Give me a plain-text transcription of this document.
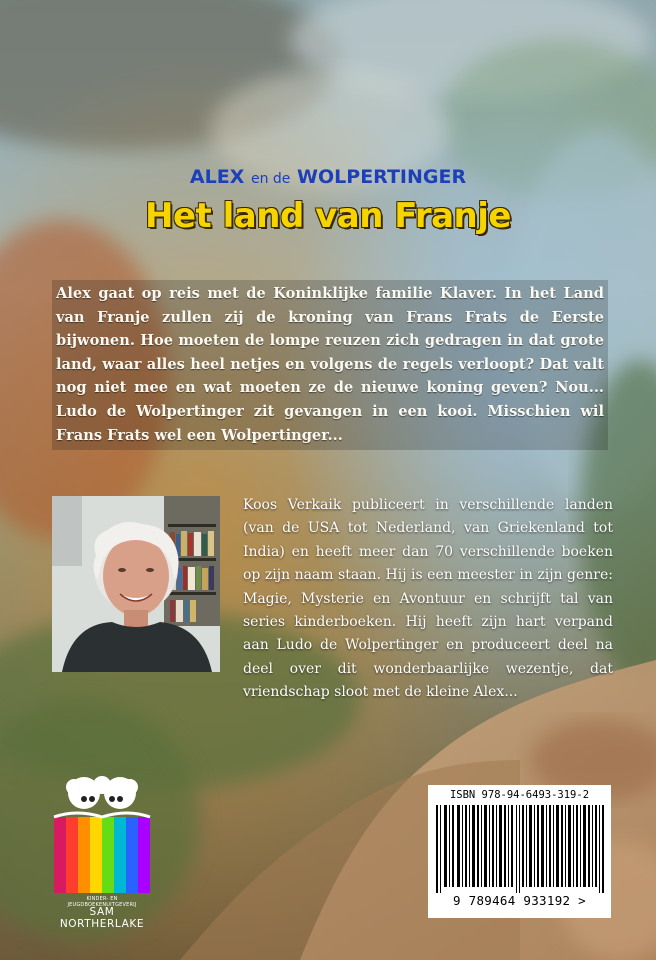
ALEX en de WOLPERTINGER
Het land van Franje
Alex gaat op reis met de Koninklijke familie Klaver. In het Land van Franje zullen zij de kroning van Frans Frats de Eerste bijwonen. Hoe moeten de lompe reuzen zich gedragen in dat grote land, waar alles heel netjes en volgens de regels verloopt? Dat valt nog niet mee en wat moeten ze de nieuwe koning geven? Nou... Ludo de Wolpertinger zit gevangen in een kooi. Misschien wil Frans Frats wel een Wolpertinger...
Koos Verkaik publiceert in verschillende landen (van de USA tot Nederland, van Griekenland tot India) en heeft meer dan 70 verschillende boeken op zijn naam staan. Hij is een meester in zijn genre: Magie, Mysterie en Avontuur en schrijft tal van series kinderboeken. Hij heeft zijn hart verpand aan Ludo de Wolpertinger en produceert deel na deel over dit wonderbaarlijke wezentje, dat vriendschap sloot met de kleine Alex...
KINDER- EN JEUGDBOEKENUITGEVERIJ
SAM NORTHERLAKE
ISBN 978-94-6493-319-2
9 789464 933192 >
